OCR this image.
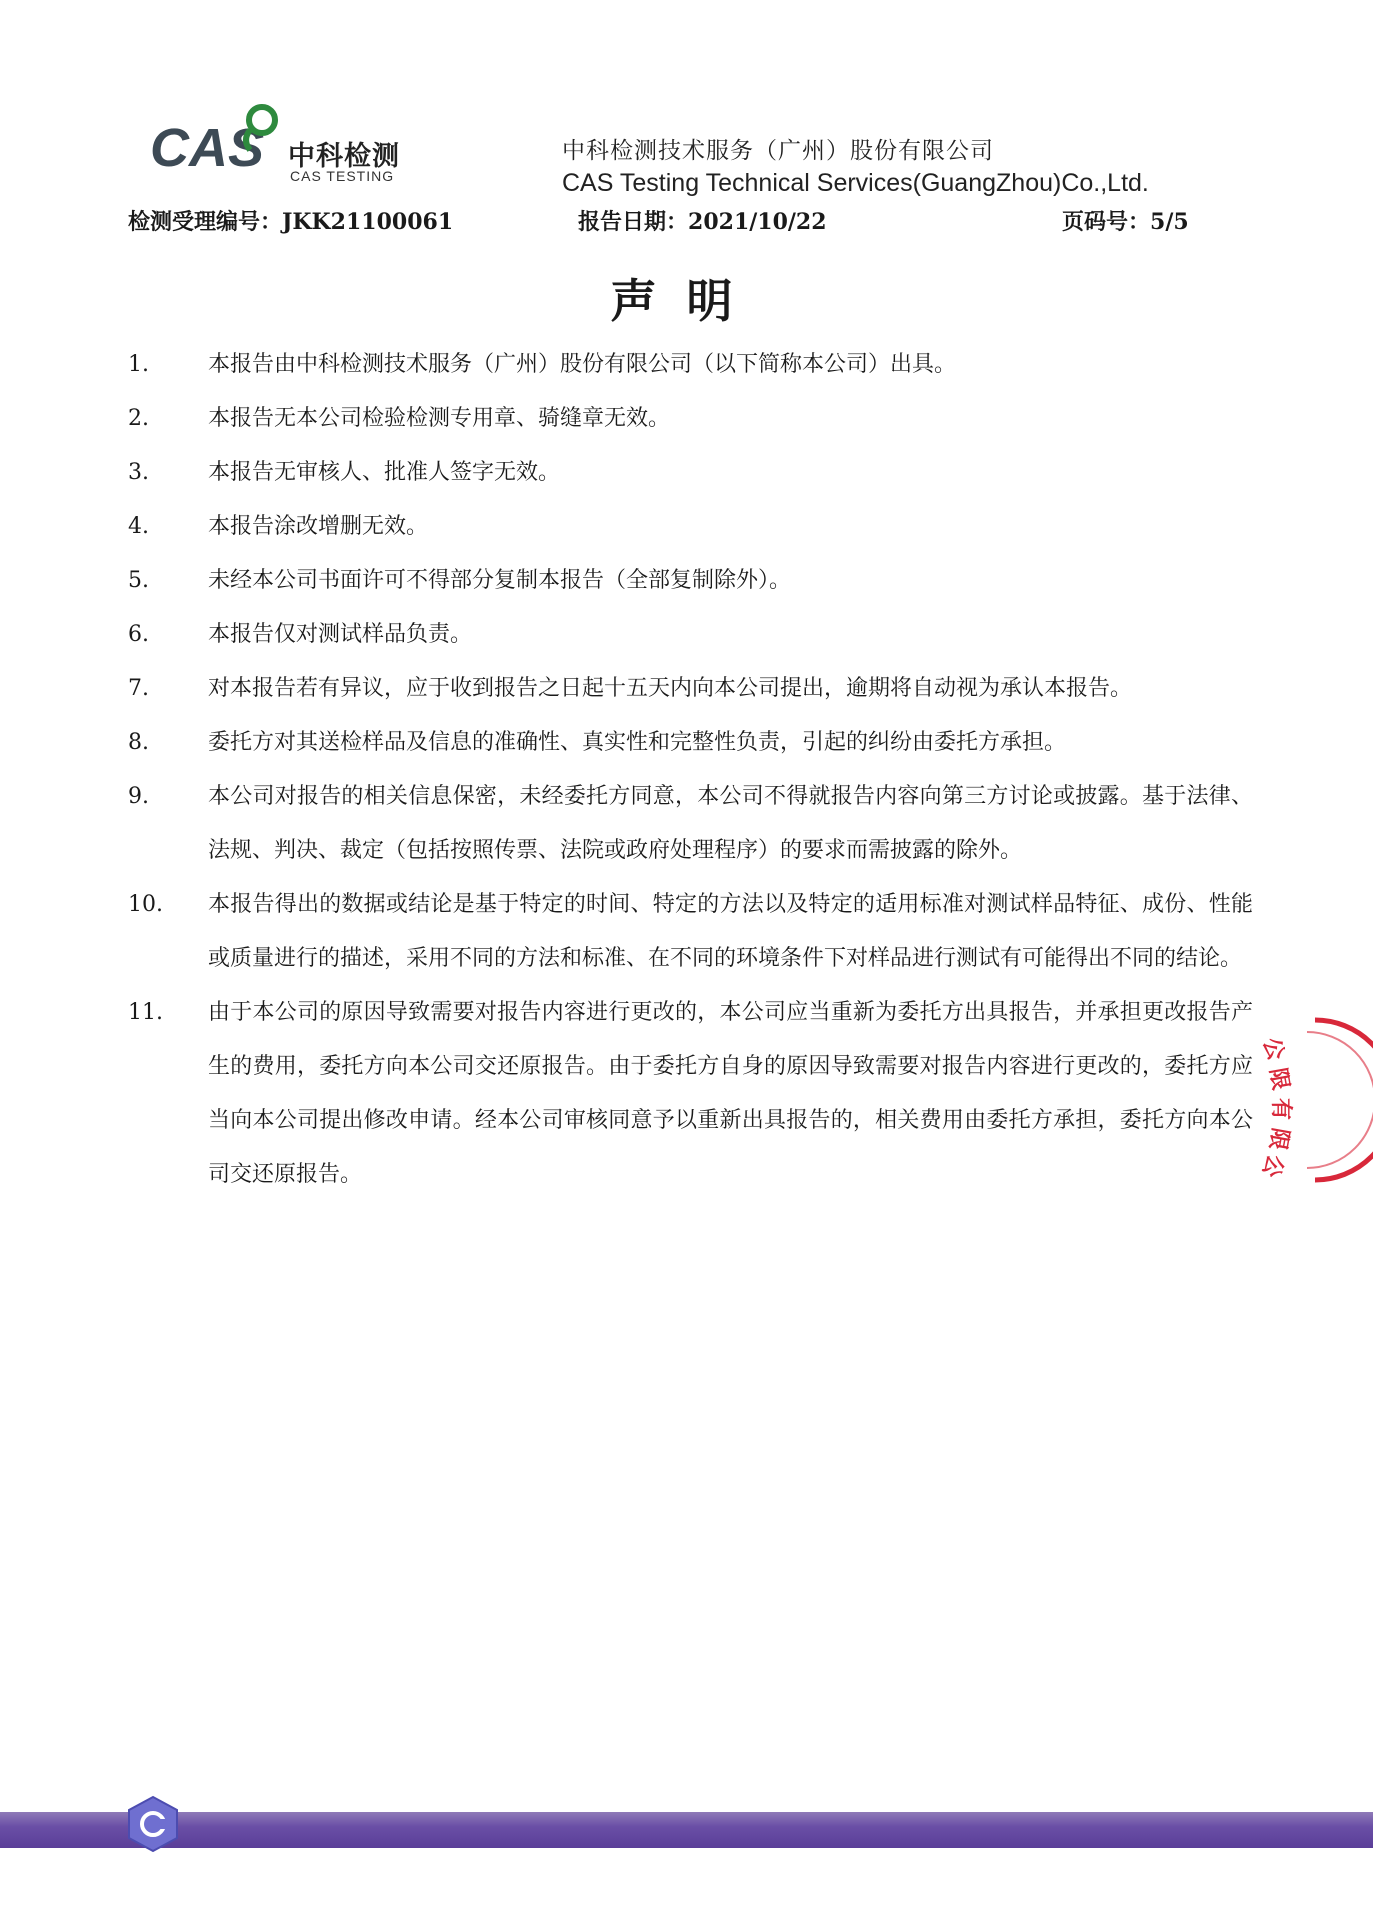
CAS 中科检测
CAS TESTING
中科检测技术服务（广州）股份有限公司
CAS Testing Technical Services(GuangZhou)Co.,Ltd.
检测受理编号：JKK21100061	报告日期：2021/10/22	页码号：5/5
声明
1.	本报告由中科检测技术服务（广州）股份有限公司（以下简称本公司）出具。
2.	本报告无本公司检验检测专用章、骑缝章无效。
3.	本报告无审核人、批准人签字无效。
4.	本报告涂改增删无效。
5.	未经本公司书面许可不得部分复制本报告（全部复制除外）。
6.	本报告仅对测试样品负责。
7.	对本报告若有异议，应于收到报告之日起十五天内向本公司提出，逾期将自动视为承认本报告。
8.	委托方对其送检样品及信息的准确性、真实性和完整性负责，引起的纠纷由委托方承担。
9.	本公司对报告的相关信息保密，未经委托方同意，本公司不得就报告内容向第三方讨论或披露。基于法律、法规、判决、裁定（包括按照传票、法院或政府处理程序）的要求而需披露的除外。
10.	本报告得出的数据或结论是基于特定的时间、特定的方法以及特定的适用标准对测试样品特征、成份、性能或质量进行的描述，采用不同的方法和标准、在不同的环境条件下对样品进行测试有可能得出不同的结论。
11.	由于本公司的原因导致需要对报告内容进行更改的，本公司应当重新为委托方出具报告，并承担更改报告产生的费用，委托方向本公司交还原报告。由于委托方自身的原因导致需要对报告内容进行更改的，委托方应当向本公司提出修改申请。经本公司审核同意予以重新出具报告的，相关费用由委托方承担，委托方向本公司交还原报告。
公
限
有
限
公
